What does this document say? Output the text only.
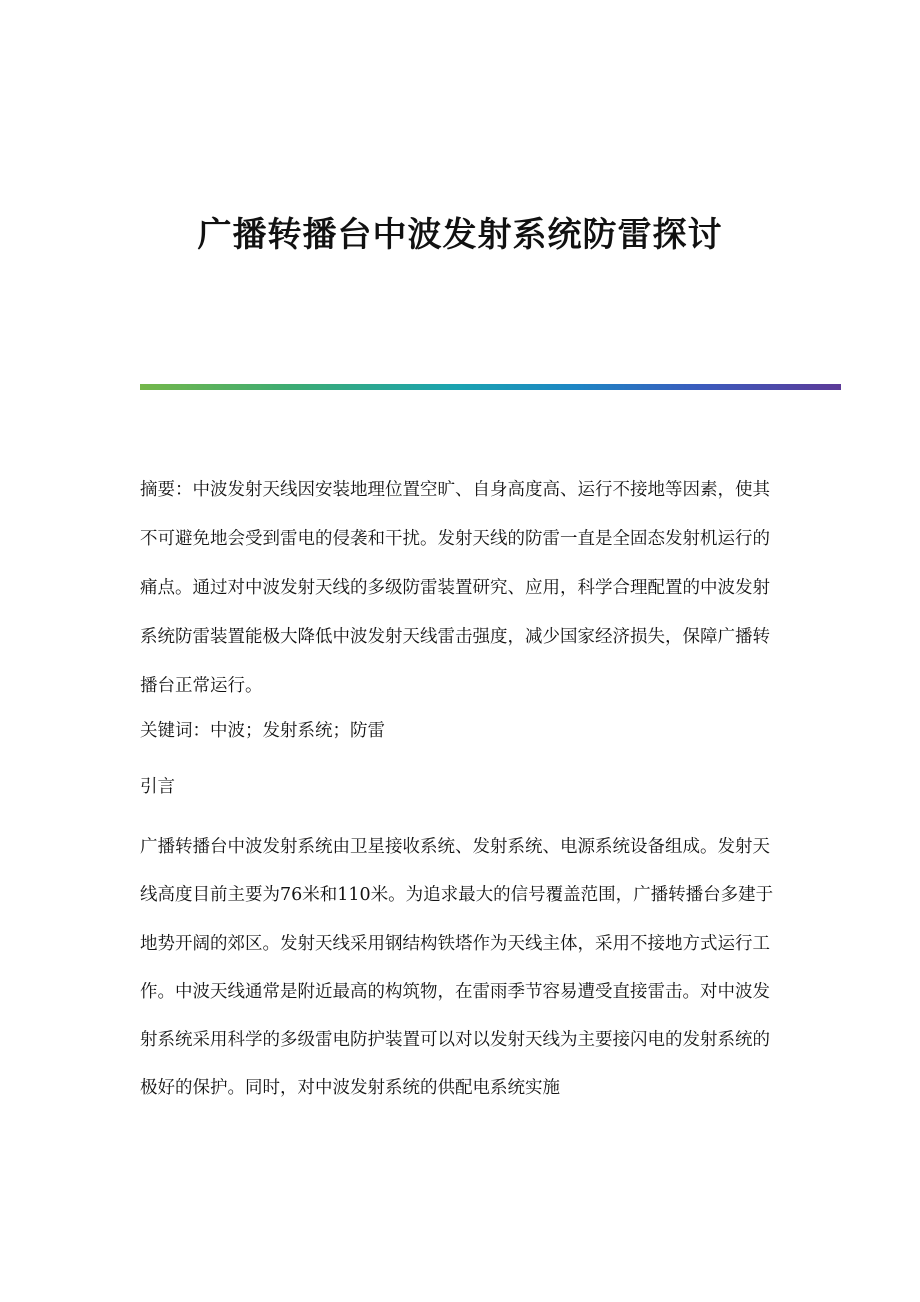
广播转播台中波发射系统防雷探讨

摘要：中波发射天线因安装地理位置空旷、自身高度高、运行不接地等因素，使其不可避免地会受到雷电的侵袭和干扰。发射天线的防雷一直是全固态发射机运行的痛点。通过对中波发射天线的多级防雷装置研究、应用，科学合理配置的中波发射系统防雷装置能极大降低中波发射天线雷击强度，减少国家经济损失，保障广播转播台正常运行。

关键词：中波；发射系统；防雷

引言

广播转播台中波发射系统由卫星接收系统、发射系统、电源系统设备组成。发射天线高度目前主要为76米和110米。为追求最大的信号覆盖范围，广播转播台多建于地势开阔的郊区。发射天线采用钢结构铁塔作为天线主体，采用不接地方式运行工作。中波天线通常是附近最高的构筑物，在雷雨季节容易遭受直接雷击。对中波发射系统采用科学的多级雷电防护装置可以对以发射天线为主要接闪电的发射系统的极好的保护。同时，对中波发射系统的供配电系统实施
